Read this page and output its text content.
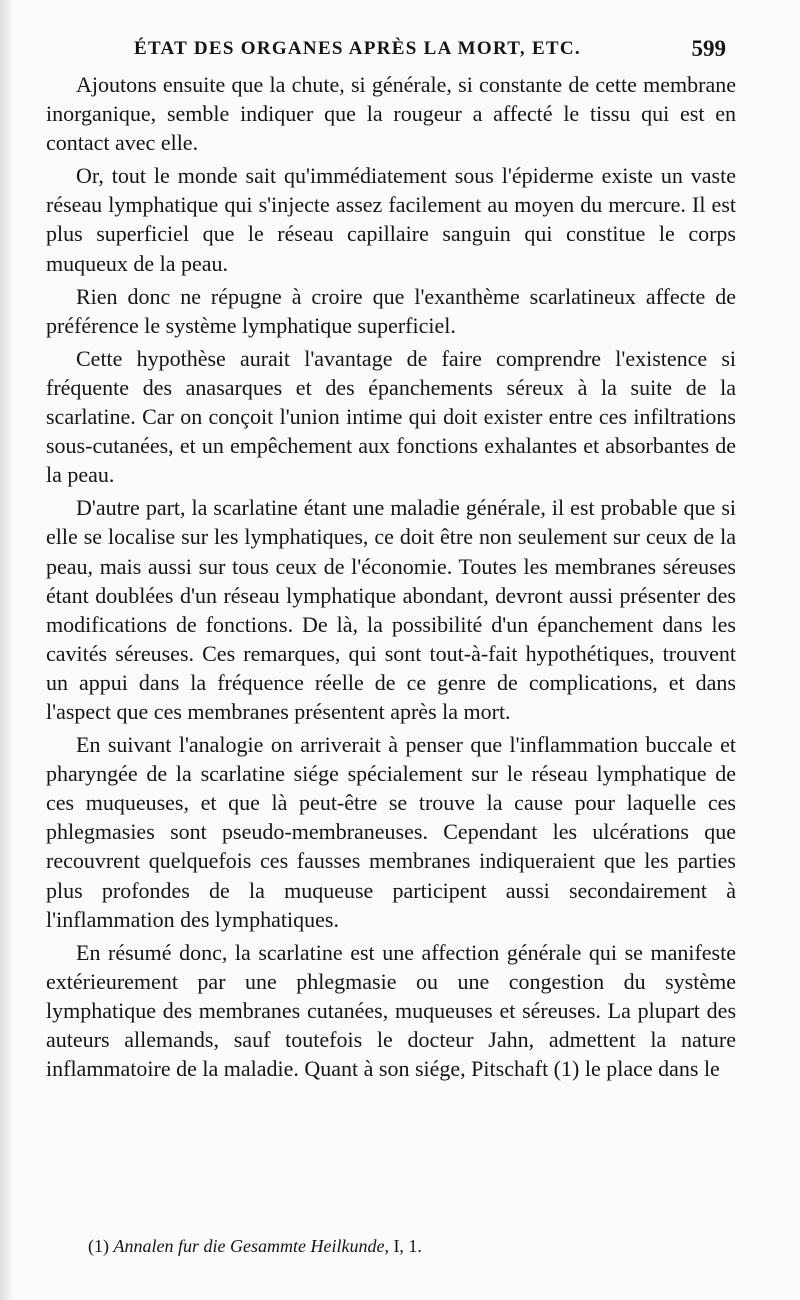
ÉTAT DES ORGANES APRÈS LA MORT, ETC.	599

Ajoutons ensuite que la chute, si générale, si constante de cette membrane inorganique, semble indiquer que la rougeur a affecté le tissu qui est en contact avec elle.

Or, tout le monde sait qu'immédiatement sous l'épiderme existe un vaste réseau lymphatique qui s'injecte assez facilement au moyen du mercure. Il est plus superficiel que le réseau capillaire sanguin qui constitue le corps muqueux de la peau.

Rien donc ne répugne à croire que l'exanthème scarlatineux affecte de préférence le système lymphatique superficiel.

Cette hypothèse aurait l'avantage de faire comprendre l'existence si fréquente des anasarques et des épanchements séreux à la suite de la scarlatine. Car on conçoit l'union intime qui doit exister entre ces infiltrations sous-cutanées, et un empêchement aux fonctions exhalantes et absorbantes de la peau.

D'autre part, la scarlatine étant une maladie générale, il est probable que si elle se localise sur les lymphatiques, ce doit être non seulement sur ceux de la peau, mais aussi sur tous ceux de l'économie. Toutes les membranes séreuses étant doublées d'un réseau lymphatique abondant, devront aussi présenter des modifications de fonctions. De là, la possibilité d'un épanchement dans les cavités séreuses. Ces remarques, qui sont tout-à-fait hypothétiques, trouvent un appui dans la fréquence réelle de ce genre de complications, et dans l'aspect que ces membranes présentent après la mort.

En suivant l'analogie on arriverait à penser que l'inflammation buccale et pharyngée de la scarlatine siége spécialement sur le réseau lymphatique de ces muqueuses, et que là peut-être se trouve la cause pour laquelle ces phlegmasies sont pseudo-membraneuses. Cependant les ulcérations que recouvrent quelquefois ces fausses membranes indiqueraient que les parties plus profondes de la muqueuse participent aussi secondairement à l'inflammation des lymphatiques.

En résumé donc, la scarlatine est une affection générale qui se manifeste extérieurement par une phlegmasie ou une congestion du système lymphatique des membranes cutanées, muqueuses et séreuses. La plupart des auteurs allemands, sauf toutefois le docteur Jahn, admettent la nature inflammatoire de la maladie. Quant à son siége, Pitschaft (1) le place dans le

(1) Annalen fur die Gesammte Heilkunde, I, 1.
